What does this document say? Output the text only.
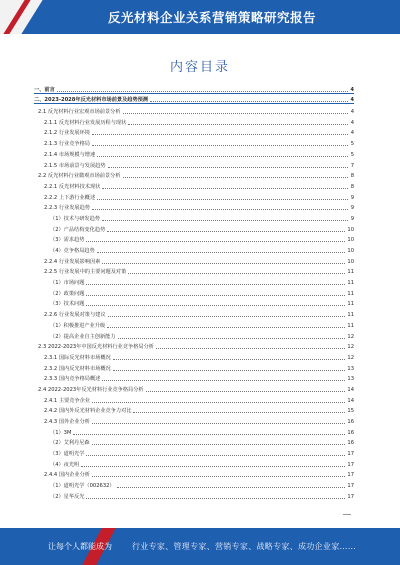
反光材料企业关系营销策略研究报告
内容目录
一、前言	4
二、2023-2028年反光材料市场前景及趋势预测	4
2.1 反光材料行业宏观市场前景分析	4
2.1.1 反光材料行业发展历程与现状	4
2.1.2 行业发展环境	4
2.1.3 行业竞争格局	5
2.1.4 市场规模与增速	5
2.1.5 市场前景与发展趋势	7
2.2 反光材料行业微观市场前景分析	8
2.2.1 反光材料技术现状	8
2.2.2 上下游行业概述	9
2.2.3 行业发展趋势	9
（1）技术与研发趋势	9
（2）产品结构变化趋势	10
（3）需求趋势	10
（4）竞争格局趋势	10
2.2.4 行业发展影响因素	10
2.2.5 行业发展中的主要问题及对策	11
（1）市场问题	11
（2）政策问题	11
（3）技术问题	11
2.2.6 行业发展对策与建议	11
（1）积极推进产业升级	11
（2）提高企业自主创新能力	12
2.3 2022-2023年中国反光材料行业竞争格局分析	12
2.3.1 国际反光材料市场概况	12
2.3.2 国内反光材料市场概况	13
2.3.3 国内竞争格局概述	13
2.4 2022-2023年反光材料行业竞争格局分析	14
2.4.1 主要竞争企业	14
2.4.2 国内外反光材料企业竞争力对比	15
2.4.3 国外企业分析	16
（1）3M	16
（2）艾利丹尼森	16
（3）道明光学	17
（4）夜光明	17
2.4.4 国内企业分析	17
（1）道明光学（002632）	17
（2）星华反光	17
让每个人都能成为	行业专家、管理专家、营销专家、战略专家、成功企业家……
